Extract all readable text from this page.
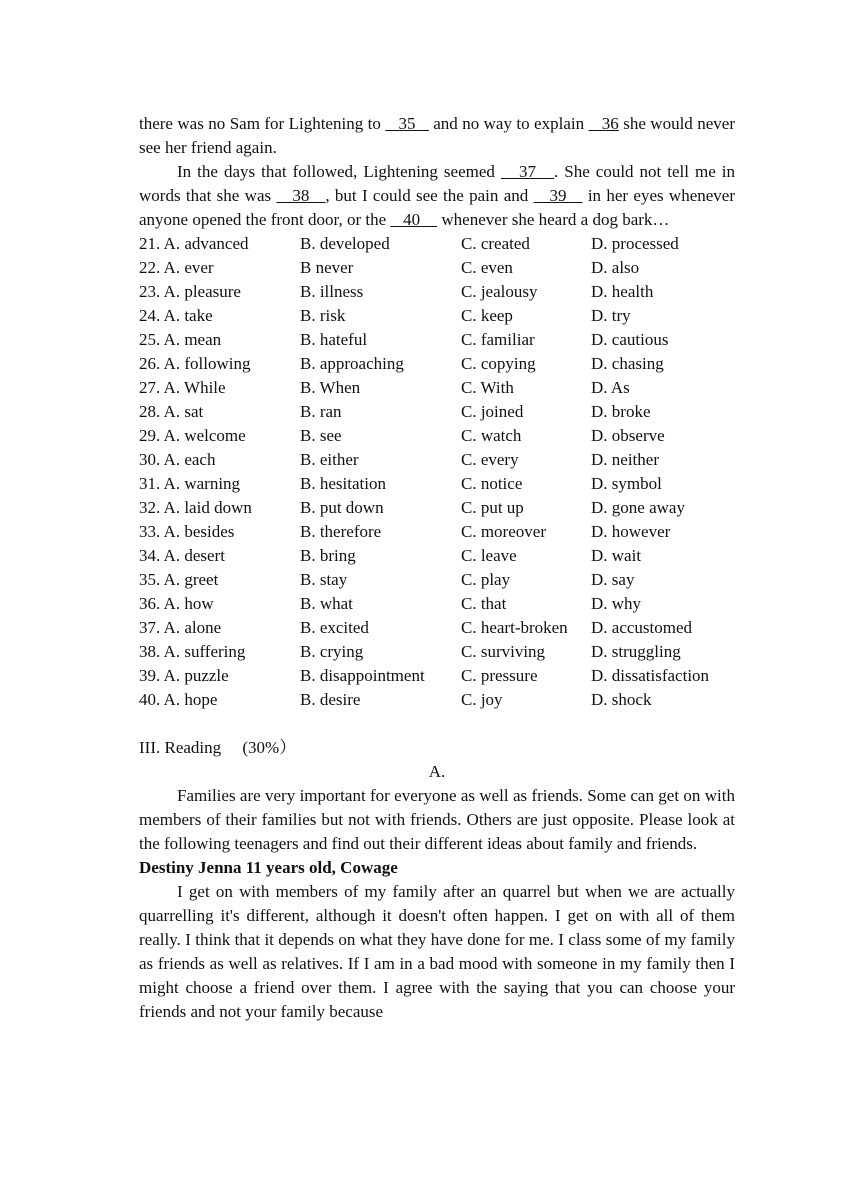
there was no Sam for Lightening to    35    and no way to explain    36 she would never see her friend again.

In the days that followed, Lightening seemed    37   . She could not tell me in words that she was    38   , but I could see the pain and    39    in her eyes whenever anyone opened the front door, or the    40     whenever she heard a dog bark…

21. A. advanced	B. developed	C. created	D. processed
22. A. ever	B never	C. even	D. also
23. A. pleasure	B. illness	C. jealousy	D. health
24. A. take	B. risk	C. keep	D. try
25. A. mean	B. hateful	C. familiar	D. cautious
26. A. following	B. approaching	C. copying	D. chasing
27. A. While	B. When	C. With	D. As
28. A. sat	B. ran	C. joined	D. broke
29. A. welcome	B. see	C. watch	D. observe
30. A. each	B. either	C. every	D. neither
31. A. warning	B. hesitation	C. notice	D. symbol
32. A. laid down	B. put down	C. put up	D. gone away
33. A. besides	B. therefore	C. moreover	D. however
34. A. desert	B. bring	C. leave	D. wait
35. A. greet	B. stay	C. play	D. say
36. A. how	B. what	C. that	D. why
37. A. alone	B. excited	C. heart-broken	D. accustomed
38. A. suffering	B. crying	C. surviving	D. struggling
39. A. puzzle	B. disappointment	C. pressure	D. dissatisfaction
40. A. hope	B. desire	C. joy	D. shock

III. Reading 　(30%）

A.

Families are very important for everyone as well as friends. Some can get on with members of their families but not with friends. Others are just opposite. Please look at the following teenagers and find out their different ideas about family and friends.

Destiny Jenna 11 years old, Cowage

I get on with members of my family after an quarrel but when we are actually quarrelling it's different, although it doesn't often happen. I get on with all of them really. I think that it depends on what they have done for me. I class some of my family as friends as well as relatives. If I am in a bad mood with someone in my family then I might choose a friend over them. I agree with the saying that you can choose your friends and not your family because
